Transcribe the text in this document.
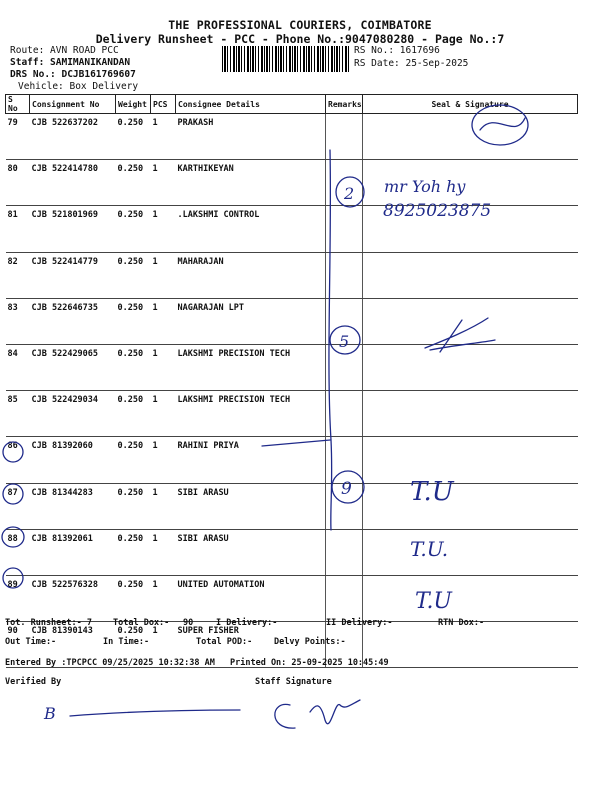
THE PROFESSIONAL COURIERS, COIMBATORE
Delivery Runsheet - PCC - Phone No.:9047080280 - Page No.:7
Route: AVN ROAD PCC
Staff: SAMIMANIKANDAN
DRS No.: DCJB161769607
Vehicle: Box Delivery
RS No.: 1617696
RS Date: 25-Sep-2025
S No	Consignment No	Weight	PCS	Consignee Details	Remarks	Seal & Signature
79	CJB 522637202	0.250	1	PRAKASH		
80	CJB 522414780	0.250	1	KARTHIKEYAN		
81	CJB 521801969	0.250	1	.LAKSHMI CONTROL		
82	CJB 522414779	0.250	1	MAHARAJAN		
83	CJB 522646735	0.250	1	NAGARAJAN LPT		
84	CJB 522429065	0.250	1	LAKSHMI PRECISION TECH		
85	CJB 522429034	0.250	1	LAKSHMI PRECISION TECH		
86	CJB 81392060	0.250	1	RAHINI PRIYA		
87	CJB 81344283	0.250	1	SIBI ARASU		
88	CJB 81392061	0.250	1	SIBI ARASU		
89	CJB 522576328	0.250	1	UNITED AUTOMATION		
90	CJB 81390143	0.250	1	SUPER FISHER		
Tot. Runsheet:- 7 Total Dox:- 90	I Delivery:-	II Delivery:-	RTN Dox:-
Out Time:-	In Time:-	Total POD:-	Delvy Points:-
Entered By :TPCPCC 09/25/2025 10:32:38 AM Printed On: 25-09-2025 10:45:49
Verified By	Staff Signature
2
5
9
mr Yoh hy
8925023875
T.U
T.U.
T.U
B
